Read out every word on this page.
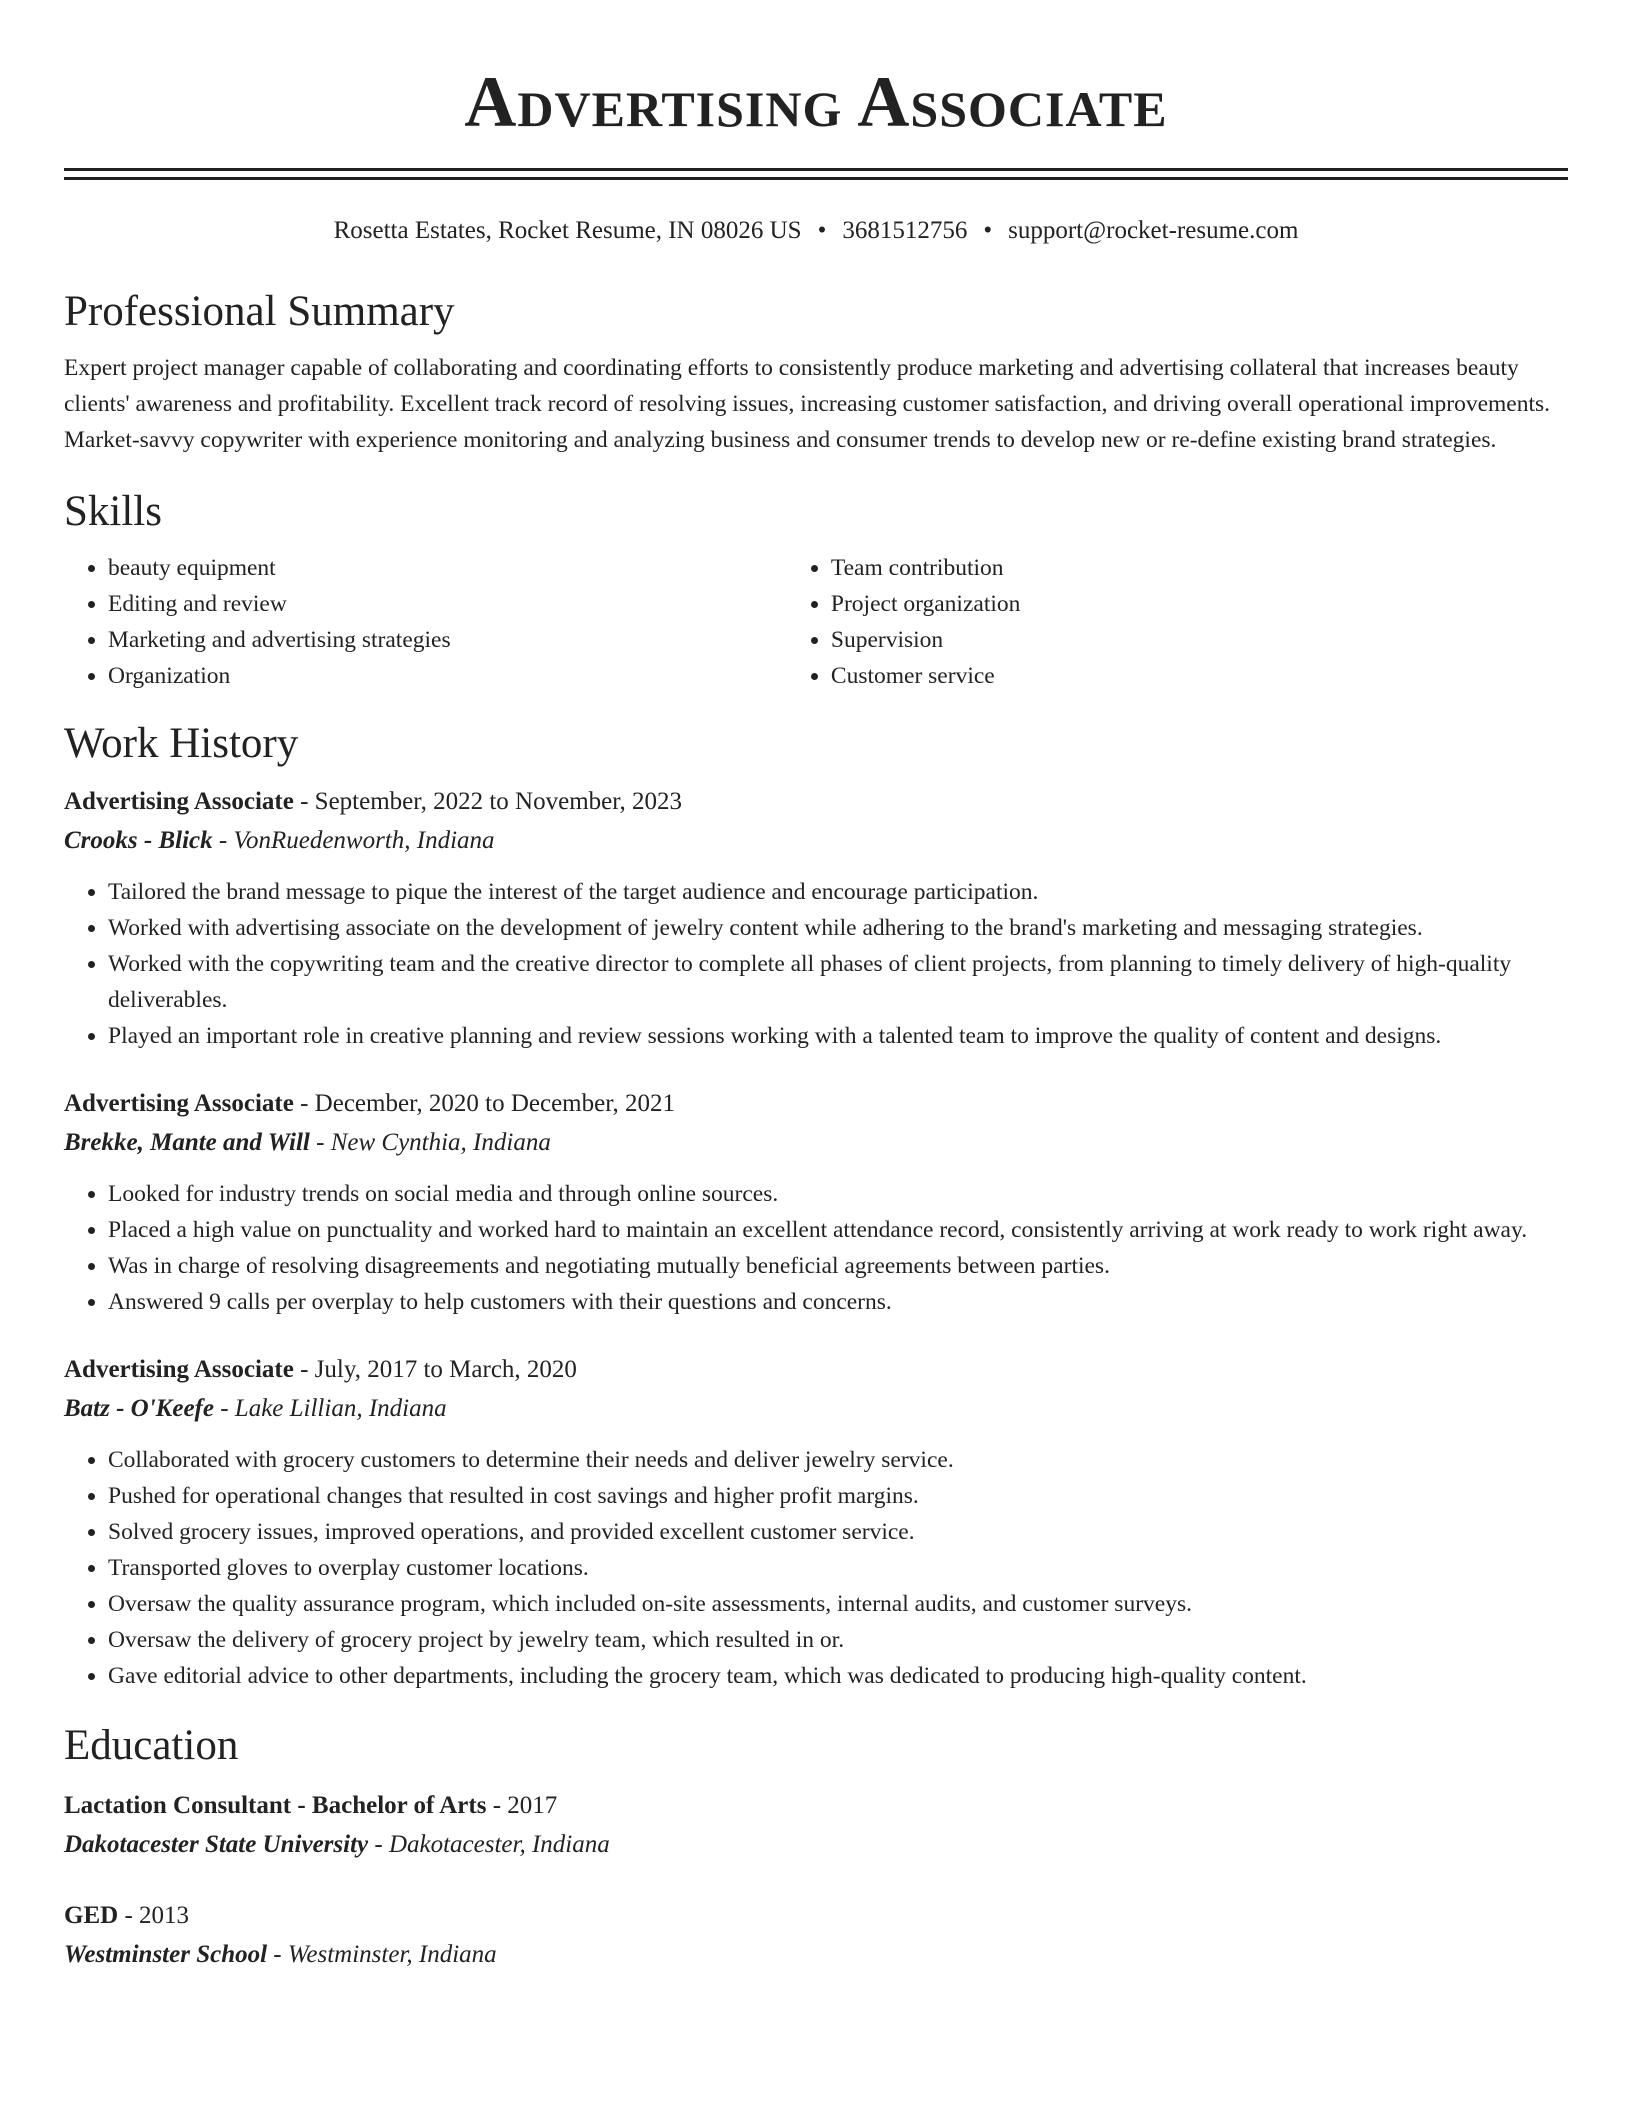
Advertising Associate
Rosetta Estates, Rocket Resume, IN 08026 US • 3681512756 • support@rocket-resume.com
Professional Summary
Expert project manager capable of collaborating and coordinating efforts to consistently produce marketing and advertising collateral that increases beauty clients' awareness and profitability. Excellent track record of resolving issues, increasing customer satisfaction, and driving overall operational improvements. Market-savvy copywriter with experience monitoring and analyzing business and consumer trends to develop new or re-define existing brand strategies.
Skills
• beauty equipment
• Editing and review
• Marketing and advertising strategies
• Organization
• Team contribution
• Project organization
• Supervision
• Customer service
Work History
Advertising Associate - September, 2022 to November, 2023
Crooks - Blick - VonRuedenworth, Indiana
• Tailored the brand message to pique the interest of the target audience and encourage participation.
• Worked with advertising associate on the development of jewelry content while adhering to the brand's marketing and messaging strategies.
• Worked with the copywriting team and the creative director to complete all phases of client projects, from planning to timely delivery of high-quality deliverables.
• Played an important role in creative planning and review sessions working with a talented team to improve the quality of content and designs.
Advertising Associate - December, 2020 to December, 2021
Brekke, Mante and Will - New Cynthia, Indiana
• Looked for industry trends on social media and through online sources.
• Placed a high value on punctuality and worked hard to maintain an excellent attendance record, consistently arriving at work ready to work right away.
• Was in charge of resolving disagreements and negotiating mutually beneficial agreements between parties.
• Answered 9 calls per overplay to help customers with their questions and concerns.
Advertising Associate - July, 2017 to March, 2020
Batz - O'Keefe - Lake Lillian, Indiana
• Collaborated with grocery customers to determine their needs and deliver jewelry service.
• Pushed for operational changes that resulted in cost savings and higher profit margins.
• Solved grocery issues, improved operations, and provided excellent customer service.
• Transported gloves to overplay customer locations.
• Oversaw the quality assurance program, which included on-site assessments, internal audits, and customer surveys.
• Oversaw the delivery of grocery project by jewelry team, which resulted in or.
• Gave editorial advice to other departments, including the grocery team, which was dedicated to producing high-quality content.
Education
Lactation Consultant - Bachelor of Arts - 2017
Dakotacester State University - Dakotacester, Indiana
GED - 2013
Westminster School - Westminster, Indiana
